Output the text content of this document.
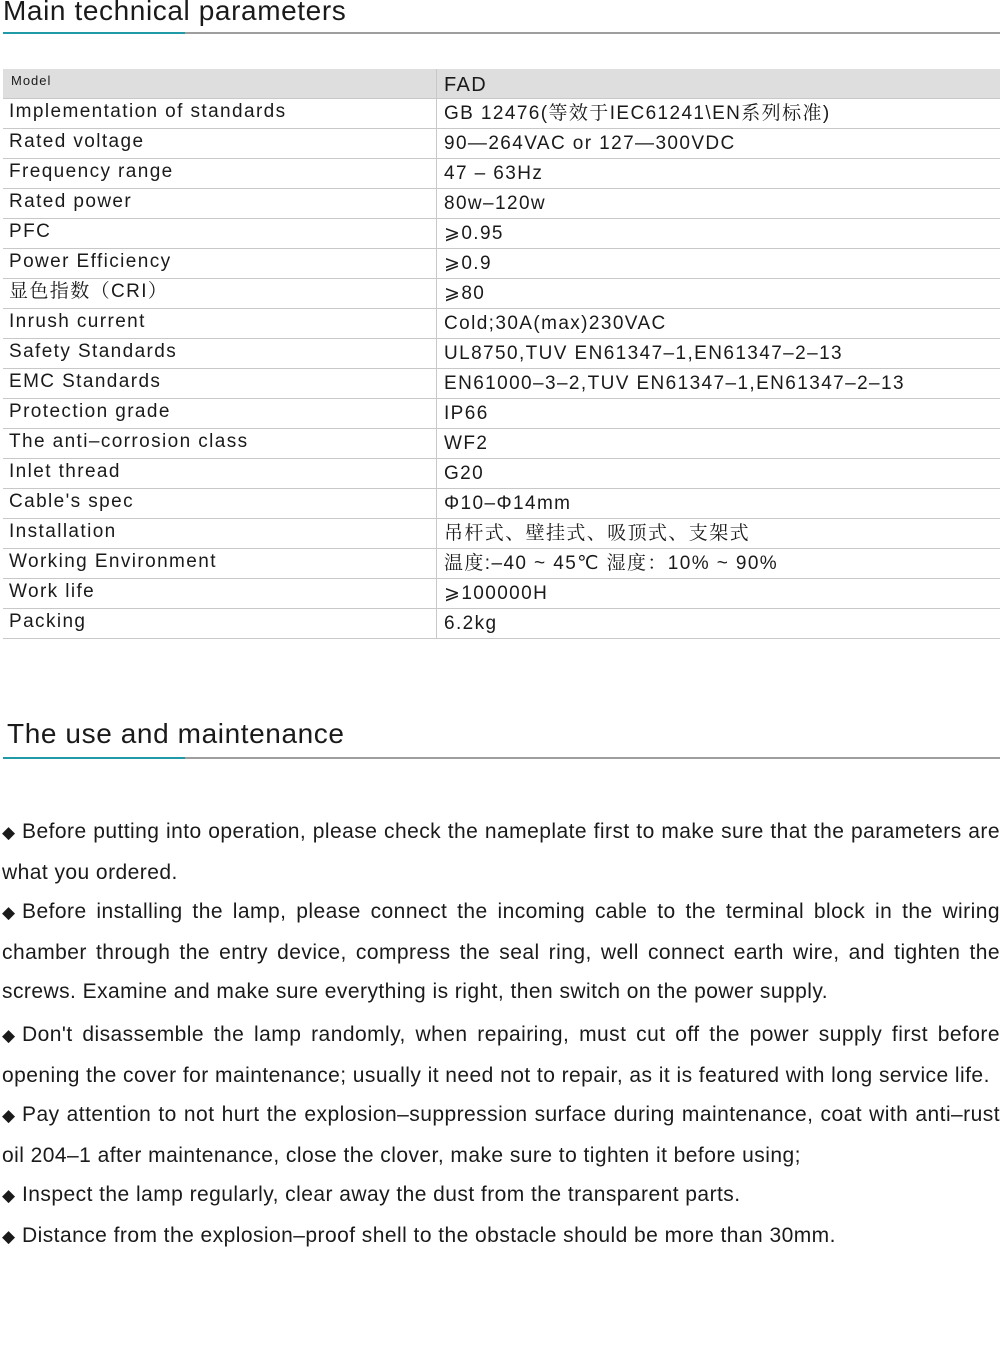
Main technical parameters
Model	FAD
Implementation of standards	GB 12476(等效于IEC61241\EN系列标准)
Rated voltage	90—264VAC or 127—300VDC
Frequency range	47 – 63Hz
Rated power	80w–120w
PFC	⩾0.95
Power Efficiency	⩾0.9
显色指数（CRI）	⩾80
Inrush current	Cold;30A(max)230VAC
Safety Standards	UL8750,TUV EN61347–1,EN61347–2–13
EMC Standards	EN61000–3–2,TUV EN61347–1,EN61347–2–13
Protection grade	IP66
The anti–corrosion class	WF2
Inlet thread	G20
Cable's spec	Φ10–Φ14mm
Installation	吊杆式、壁挂式、吸顶式、支架式
Working Environment	温度:–40 ~ 45℃ 湿度：10% ~ 90%
Work life	⩾100000H
Packing	6.2kg
The use and maintenance

◆ Before putting into operation, please check the nameplate first to make sure that the parameters are what you ordered.

◆ Before installing the lamp, please connect the incoming cable to the terminal block in the wiring chamber through the entry device, compress the seal ring, well connect earth wire, and tighten the screws. Examine and make sure everything is right, then switch on the power supply.

◆ Don't disassemble the lamp randomly, when repairing, must cut off the power supply first before opening the cover for maintenance; usually it need not to repair, as it is featured with long service life.

◆ Pay attention to not hurt the explosion–suppression surface during maintenance, coat with anti–rust oil 204–1 after maintenance, close the clover, make sure to tighten it before using;

◆ Inspect the lamp regularly, clear away the dust from the transparent parts.

◆ Distance from the explosion–proof shell to the obstacle should be more than 30mm.
